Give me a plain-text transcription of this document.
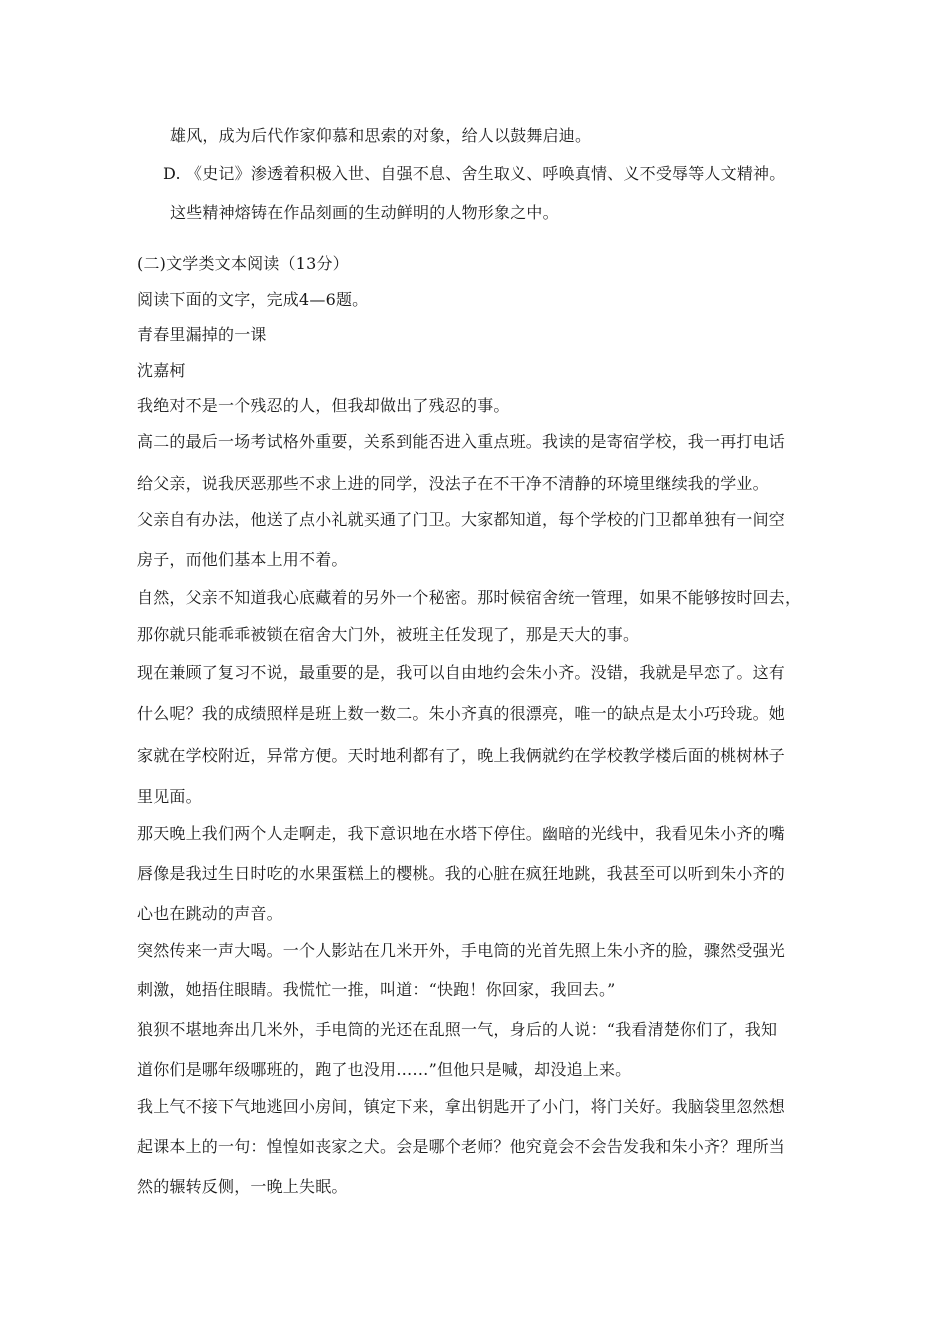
雄风，成为后代作家仰慕和思索的对象，给人以鼓舞启迪。
D. 《史记》渗透着积极入世、自强不息、舍生取义、呼唤真情、义不受辱等人文精神。
这些精神熔铸在作品刻画的生动鲜明的人物形象之中。
(二)文学类文本阅读（13分）
阅读下面的文字，完成4—6题。
青春里漏掉的一课
沈嘉柯
我绝对不是一个残忍的人，但我却做出了残忍的事。
高二的最后一场考试格外重要，关系到能否进入重点班。我读的是寄宿学校，我一再打电话
给父亲，说我厌恶那些不求上进的同学，没法子在不干净不清静的环境里继续我的学业。
父亲自有办法，他送了点小礼就买通了门卫。大家都知道，每个学校的门卫都单独有一间空
房子，而他们基本上用不着。
自然，父亲不知道我心底藏着的另外一个秘密。那时候宿舍统一管理，如果不能够按时回去，
那你就只能乖乖被锁在宿舍大门外，被班主任发现了，那是天大的事。
现在兼顾了复习不说，最重要的是，我可以自由地约会朱小齐。没错，我就是早恋了。这有
什么呢？我的成绩照样是班上数一数二。朱小齐真的很漂亮，唯一的缺点是太小巧玲珑。她
家就在学校附近，异常方便。天时地利都有了，晚上我俩就约在学校教学楼后面的桃树林子
里见面。
那天晚上我们两个人走啊走，我下意识地在水塔下停住。幽暗的光线中，我看见朱小齐的嘴
唇像是我过生日时吃的水果蛋糕上的樱桃。我的心脏在疯狂地跳，我甚至可以听到朱小齐的
心也在跳动的声音。
突然传来一声大喝。一个人影站在几米开外，手电筒的光首先照上朱小齐的脸，骤然受强光
刺激，她捂住眼睛。我慌忙一推，叫道：“快跑！你回家，我回去。”
狼狈不堪地奔出几米外，手电筒的光还在乱照一气，身后的人说：“我看清楚你们了，我知
道你们是哪年级哪班的，跑了也没用……”但他只是喊，却没追上来。
我上气不接下气地逃回小房间，镇定下来，拿出钥匙开了小门，将门关好。我脑袋里忽然想
起课本上的一句：惶惶如丧家之犬。会是哪个老师？他究竟会不会告发我和朱小齐？理所当
然的辗转反侧，一晚上失眠。
